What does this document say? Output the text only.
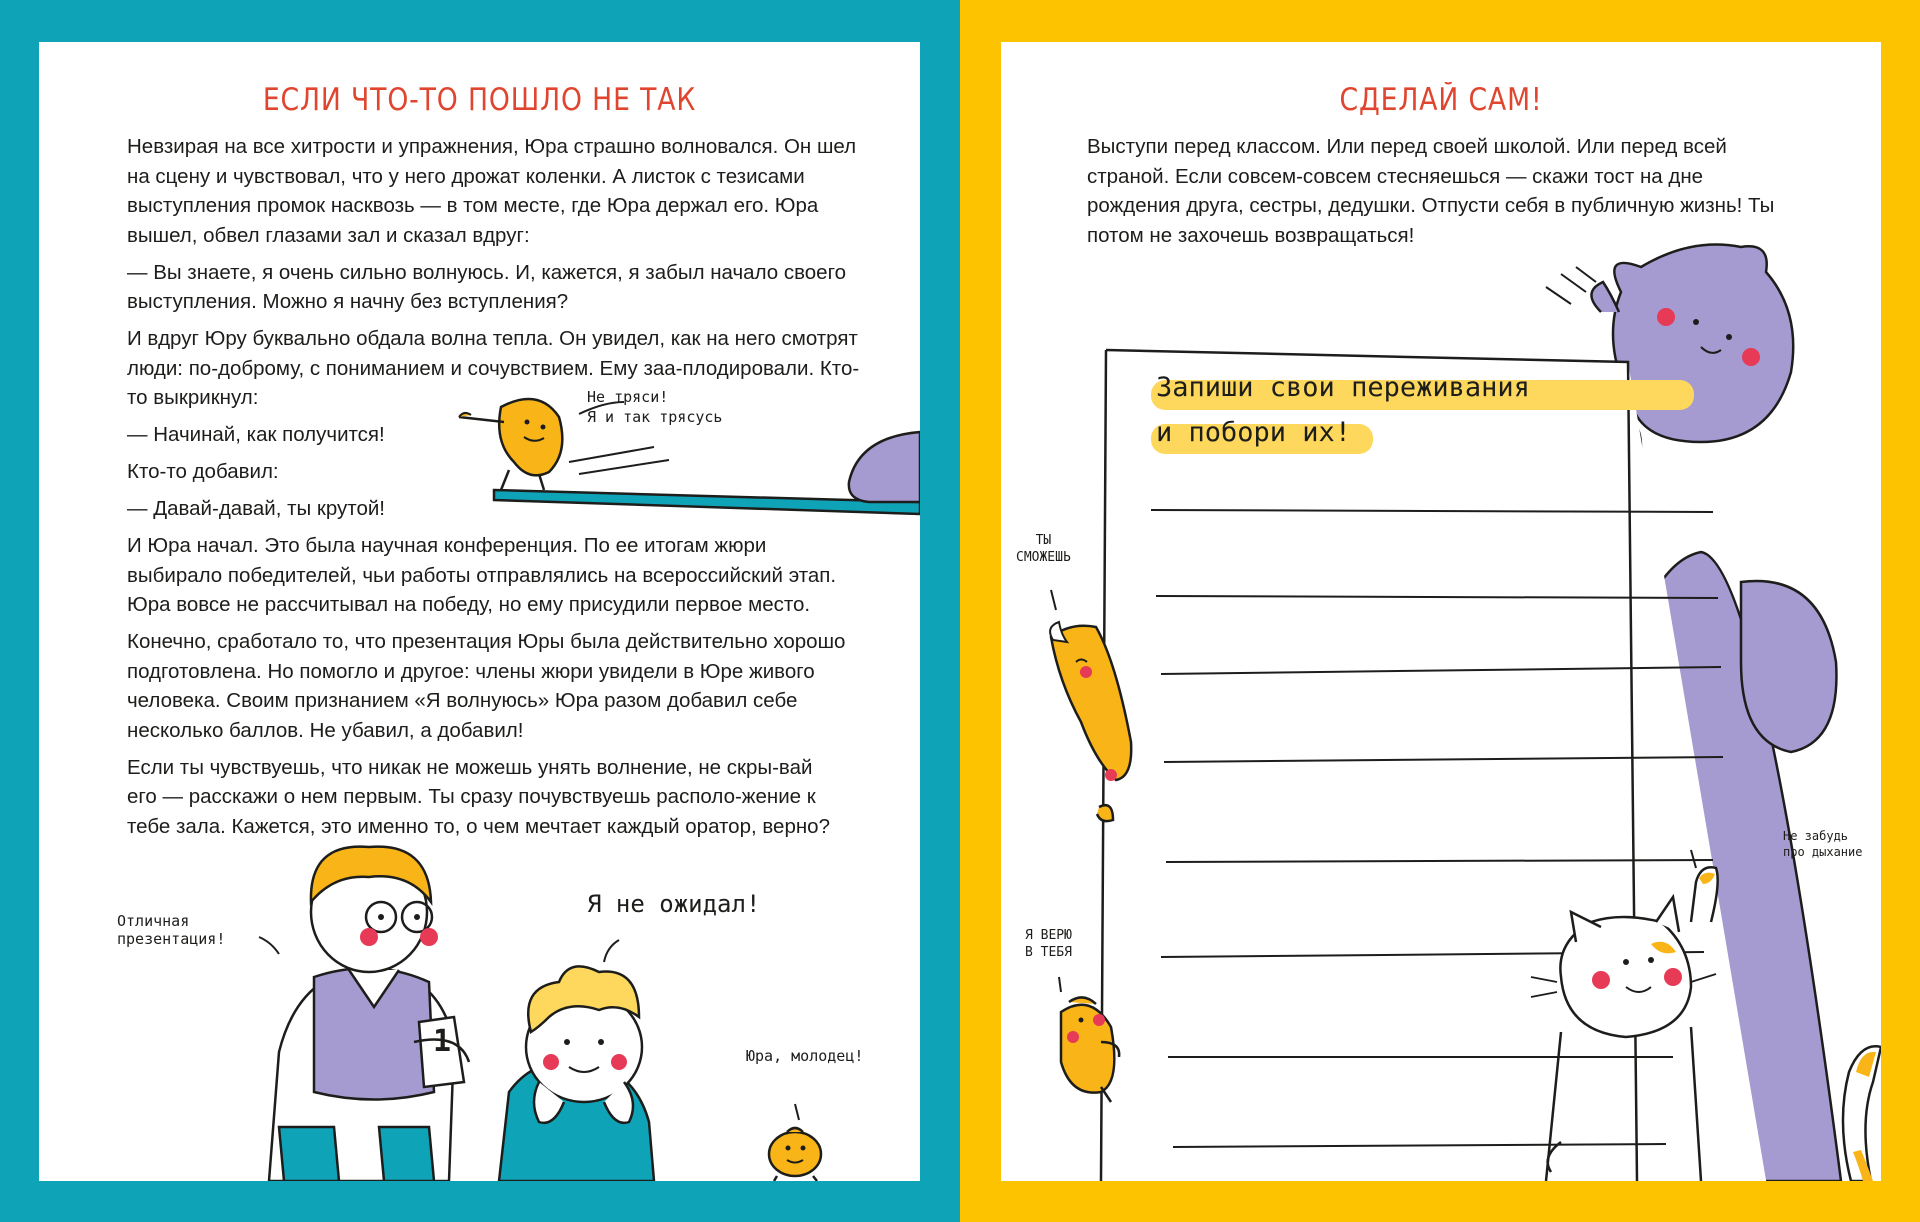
ЕСЛИ ЧТО-ТО ПОШЛО НЕ ТАК

Невзирая на все хитрости и упражнения, Юра страшно волновался. Он шел на сцену и чувствовал, что у него дрожат коленки. А листок с тезисами выступления промок насквозь — в том месте, где Юра держал его. Юра вышел, обвел глазами зал и сказал вдруг:

— Вы знаете, я очень сильно волнуюсь. И, кажется, я забыл начало своего выступления. Можно я начну без вступления?

И вдруг Юру буквально обдала волна тепла. Он увидел, как на него смотрят люди: по-доброму, с пониманием и сочувствием. Ему заа-плодировали. Кто-то выкрикнул:

— Начинай, как получится!

Кто-то добавил:

— Давай-давай, ты крутой!

И Юра начал. Это была научная конференция. По ее итогам жюри выбирало победителей, чьи работы отправлялись на всероссийский этап. Юра вовсе не рассчитывал на победу, но ему присудили первое место.

Конечно, сработало то, что презентация Юры была действительно хорошо подготовлена. Но помогло и другое: члены жюри увидели в Юре живого человека. Своим признанием «Я волнуюсь» Юра разом добавил себе несколько баллов. Не убавил, а добавил!

Если ты чувствуешь, что никак не можешь унять волнение, не скры-вай его — расскажи о нем первым. Ты сразу почувствуешь располо-жение к тебе зала. Кажется, это именно то, о чем мечтает каждый оратор, верно?

Не тряси!
Я и так трясусь
Отличная
презентация!
Я не ожидал!
Юра, молодец!
1
СДЕЛАЙ САМ!
Выступи перед классом. Или перед своей школой. Или перед всей страной. Если совсем-совсем стесняешься — скажи тост на дне рождения друга, сестры, дедушки. Отпусти себя в публичную жизнь! Ты потом не захочешь возвращаться!
Запиши свои переживания
и побори их!
ТЫ
СМОЖЕШЬ
Я ВЕРЮ
В ТЕБЯ
Не забудь
про дыхание
